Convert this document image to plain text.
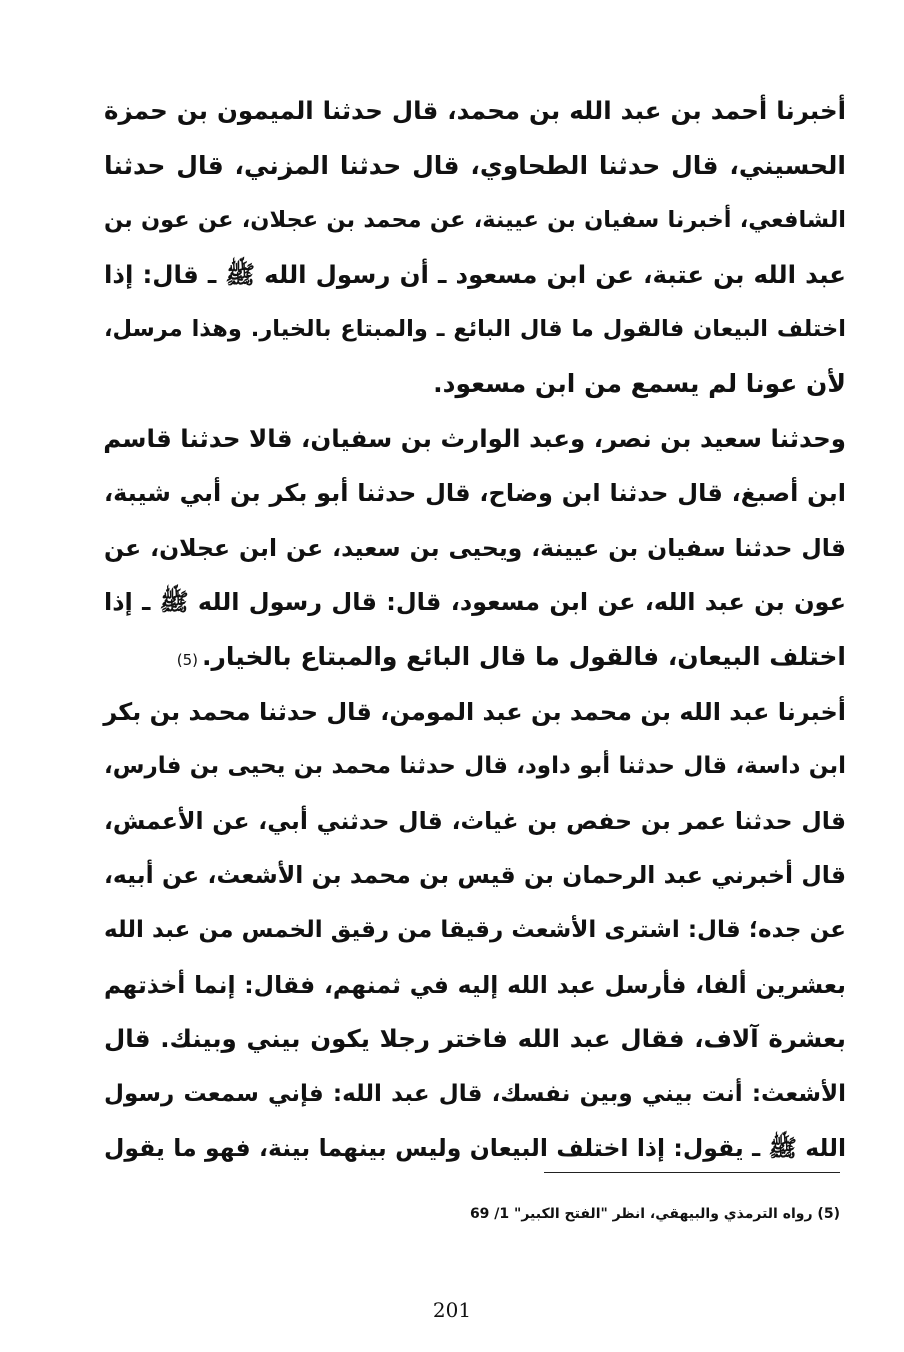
أخبرنا أحمد بن عبد الله بن محمد، قال حدثنا الميمون بن حمزة
الحسيني، قال حدثنا الطحاوي، قال حدثنا المزني، قال حدثنا
الشافعي، أخبرنا سفيان بن عيينة، عن محمد بن عجلان، عن عون بن
عبد الله بن عتبة، عن ابن مسعود ـ أن رسول الله ﷺ ـ قال: إذا
اختلف البيعان فالقول ما قال البائع ـ والمبتاع بالخيار. وهذا مرسل،
لأن عونا لم يسمع من ابن مسعود.
وحدثنا سعيد بن نصر، وعبد الوارث بن سفيان، قالا حدثنا قاسم
ابن أصبغ، قال حدثنا ابن وضاح، قال حدثنا أبو بكر بن أبي شيبة،
قال حدثنا سفيان بن عيينة، ويحيى بن سعيد، عن ابن عجلان، عن
عون بن عبد الله، عن ابن مسعود، قال: قال رسول الله ﷺ ـ إذا
اختلف البيعان، فالقول ما قال البائع والمبتاع بالخيار.(5)
أخبرنا عبد الله بن محمد بن عبد المومن، قال حدثنا محمد بن بكر
ابن داسة، قال حدثنا أبو داود، قال حدثنا محمد بن يحيى بن فارس،
قال حدثنا عمر بن حفص بن غياث، قال حدثني أبي، عن الأعمش،
قال أخبرني عبد الرحمان بن قيس بن محمد بن الأشعث، عن أبيه،
عن جده؛ قال: اشترى الأشعث رقيقا من رقيق الخمس من عبد الله
بعشرين ألفا، فأرسل عبد الله إليه في ثمنهم، فقال: إنما أخذتهم
بعشرة آلاف، فقال عبد الله فاختر رجلا يكون بيني وبينك. قال
الأشعث: أنت بيني وبين نفسك، قال عبد الله: فإني سمعت رسول
الله ﷺ ـ يقول: إذا اختلف البيعان وليس بينهما بينة، فهو ما يقول
(5) رواه الترمذي والبيهقي، انظر "الفتح الكبير" 1/ 69
201
